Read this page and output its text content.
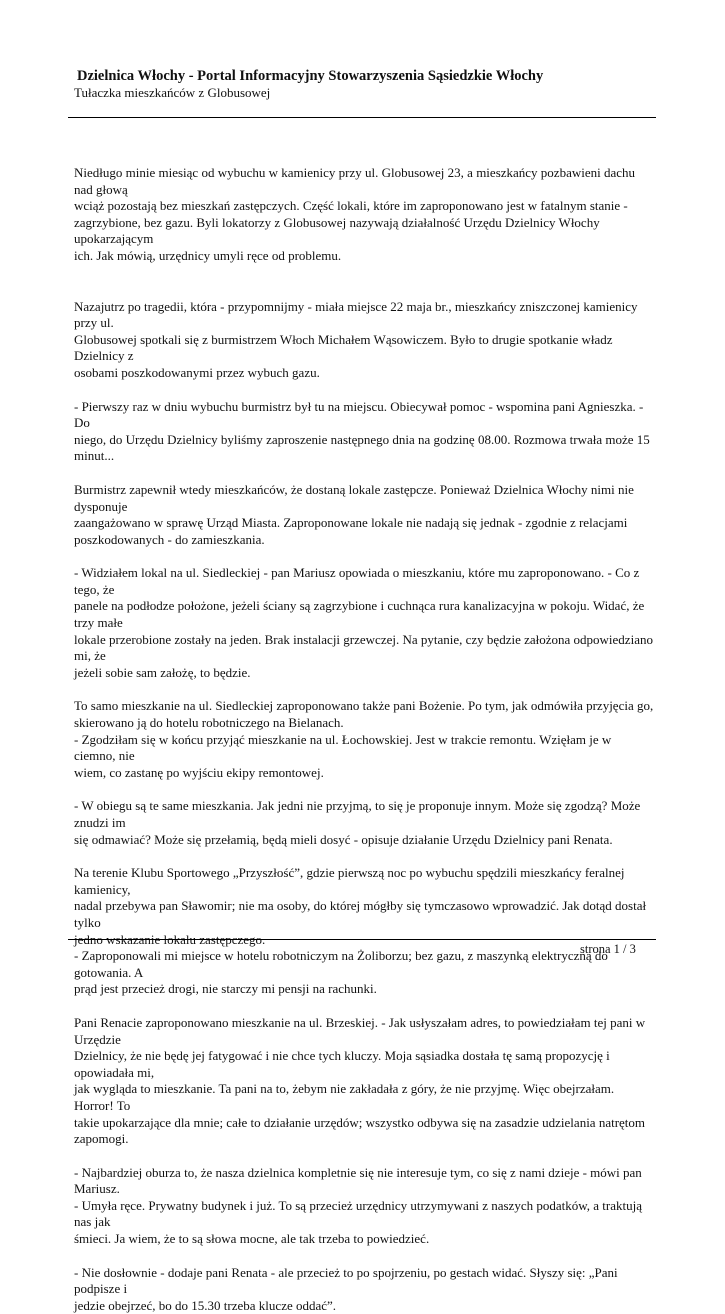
Dzielnica Włochy - Portal Informacyjny Stowarzyszenia Sąsiedzkie Włochy
Tułaczka mieszkańców z Globusowej

Niedługo minie miesiąc od wybuchu w kamienicy przy ul. Globusowej 23, a mieszkańcy pozbawieni dachu nad głową
wciąż pozostają bez mieszkań zastępczych. Część lokali, które im zaproponowano jest w fatalnym stanie -
zagrzybione, bez gazu. Byli lokatorzy z Globusowej nazywają działalność Urzędu Dzielnicy Włochy upokarzającym
ich. Jak mówią, urzędnicy umyli ręce od problemu.

Nazajutrz po tragedii, która - przypomnijmy - miała miejsce 22 maja br., mieszkańcy zniszczonej kamienicy przy ul.
Globusowej spotkali się z burmistrzem Włoch Michałem Wąsowiczem. Było to drugie spotkanie władz Dzielnicy z
osobami poszkodowanymi przez wybuch gazu.

- Pierwszy raz w dniu wybuchu burmistrz był tu na miejscu. Obiecywał pomoc - wspomina pani Agnieszka. - Do
niego, do Urzędu Dzielnicy byliśmy zaproszenie następnego dnia na godzinę 08.00. Rozmowa trwała może 15 minut...

Burmistrz zapewnił wtedy mieszkańców, że dostaną lokale zastępcze. Ponieważ Dzielnica Włochy nimi nie dysponuje
zaangażowano w sprawę Urząd Miasta. Zaproponowane lokale nie nadają się jednak - zgodnie z relacjami
poszkodowanych - do zamieszkania.

- Widziałem lokal na ul. Siedleckiej - pan Mariusz opowiada o mieszkaniu, które mu zaproponowano. - Co z tego, że
panele na podłodze położone, jeżeli ściany są zagrzybione i cuchnąca rura kanalizacyjna w pokoju. Widać, że trzy małe
lokale przerobione zostały na jeden. Brak instalacji grzewczej. Na pytanie, czy będzie założona odpowiedziano mi, że
jeżeli sobie sam założę, to będzie.

To samo mieszkanie na ul. Siedleckiej zaproponowano także pani Bożenie. Po tym, jak odmówiła przyjęcia go,
skierowano ją do hotelu robotniczego na Bielanach.
- Zgodziłam się w końcu przyjąć mieszkanie na ul. Łochowskiej. Jest w trakcie remontu. Wzięłam je w ciemno, nie
wiem, co zastanę po wyjściu ekipy remontowej.

- W obiegu są te same mieszkania. Jak jedni nie przyjmą, to się je proponuje innym. Może się zgodzą? Może znudzi im
się odmawiać? Może się przełamią, będą mieli dosyć - opisuje działanie Urzędu Dzielnicy pani Renata.

Na terenie Klubu Sportowego „Przyszłość”, gdzie pierwszą noc po wybuchu spędzili mieszkańcy feralnej kamienicy,
nadal przebywa pan Sławomir; nie ma osoby, do której mógłby się tymczasowo wprowadzić. Jak dotąd dostał tylko
jedno wskazanie lokalu zastępczego.
- Zaproponowali mi miejsce w hotelu robotniczym na Żoliborzu; bez gazu, z maszynką elektryczną do gotowania. A
prąd jest przecież drogi, nie starczy mi pensji na rachunki.

Pani Renacie zaproponowano mieszkanie na ul. Brzeskiej. - Jak usłyszałam adres, to powiedziałam tej pani w Urzędzie
Dzielnicy, że nie będę jej fatygować i nie chce tych kluczy. Moja sąsiadka dostała tę samą propozycję i opowiadała mi,
jak wygląda to mieszkanie. Ta pani na to, żebym nie zakładała z góry, że nie przyjmę. Więc obejrzałam. Horror! To
takie upokarzające dla mnie; całe to działanie urzędów; wszystko odbywa się na zasadzie udzielania natrętom
zapomogi.

- Najbardziej oburza to, że nasza dzielnica kompletnie się nie interesuje tym, co się z nami dzieje - mówi pan Mariusz.
- Umyła ręce. Prywatny budynek i już. To są przecież urzędnicy utrzymywani z naszych podatków, a traktują nas jak
śmieci. Ja wiem, że to są słowa mocne, ale tak trzeba to powiedzieć.

- Nie dosłownie - dodaje pani Renata - ale przecież to po spojrzeniu, po gestach widać. Słyszy się: „Pani podpisze i
jedzie obejrzeć, bo do 15.30 trzeba klucze oddać”.

strona 1 / 3
